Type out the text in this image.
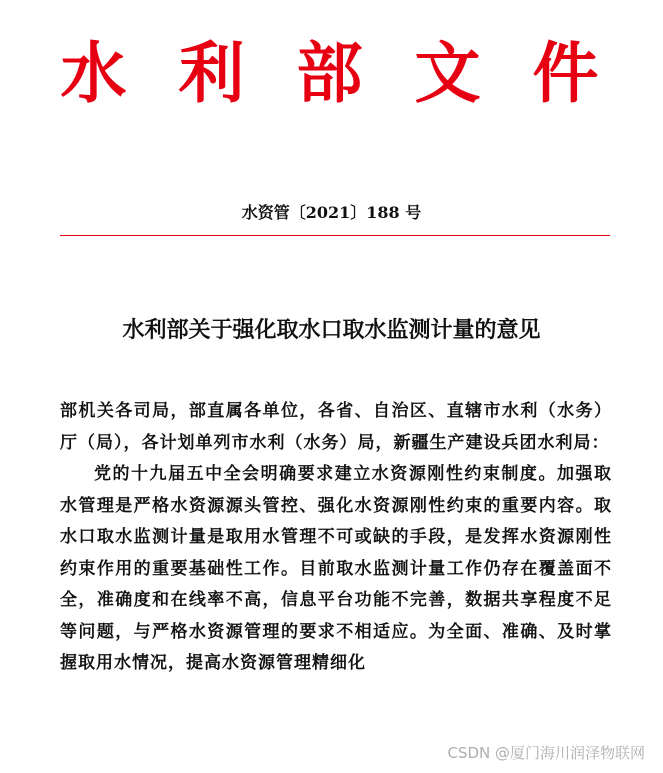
水利部文件
水资管〔2021〕188 号
水利部关于强化取水口取水监测计量的意见

部机关各司局，部直属各单位，各省、自治区、直辖市水利（水务）厅（局），各计划单列市水利（水务）局，新疆生产建设兵团水利局：

党的十九届五中全会明确要求建立水资源刚性约束制度。加强取水管理是严格水资源源头管控、强化水资源刚性约束的重要内容。取水口取水监测计量是取用水管理不可或缺的手段，是发挥水资源刚性约束作用的重要基础性工作。目前取水监测计量工作仍存在覆盖面不全，准确度和在线率不高，信息平台功能不完善，数据共享程度不足等问题，与严格水资源管理的要求不相适应。为全面、准确、及时掌握取用水情况，提高水资源管理精细化

CSDN @厦门海川润泽物联网
